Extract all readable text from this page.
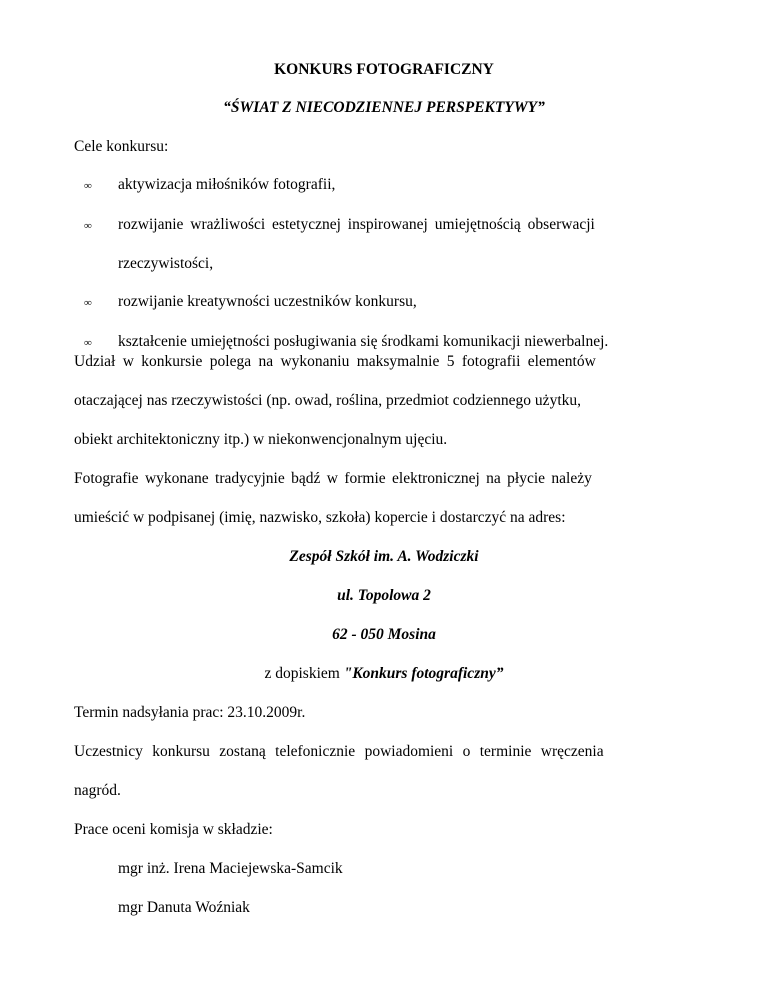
KONKURS FOTOGRAFICZNY
“ŚWIAT Z NIECODZIENNEJ PERSPEKTYWY”
Cele konkursu:
∞ aktywizacja miłośników fotografii,
∞ rozwijanie wrażliwości estetycznej inspirowanej umiejętnością obserwacji
rzeczywistości,
∞ rozwijanie kreatywności uczestników konkursu,
∞ kształcenie umiejętności posługiwania się środkami komunikacji niewerbalnej.
Udział w konkursie polega na wykonaniu maksymalnie 5 fotografii elementów
otaczającej nas rzeczywistości (np. owad, roślina, przedmiot codziennego użytku,
obiekt architektoniczny itp.) w niekonwencjonalnym ujęciu.
Fotografie wykonane tradycyjnie bądź w formie elektronicznej na płycie należy
umieścić w podpisanej (imię, nazwisko, szkoła) kopercie i dostarczyć na adres:
Zespół Szkół im. A. Wodziczki
ul. Topolowa 2
62 - 050 Mosina
z dopiskiem "Konkurs fotograficzny”
Termin nadsyłania prac: 23.10.2009r.
Uczestnicy konkursu zostaną telefonicznie powiadomieni o terminie wręczenia
nagród.
Prace oceni komisja w składzie:
mgr inż. Irena Maciejewska-Samcik
mgr Danuta Woźniak
